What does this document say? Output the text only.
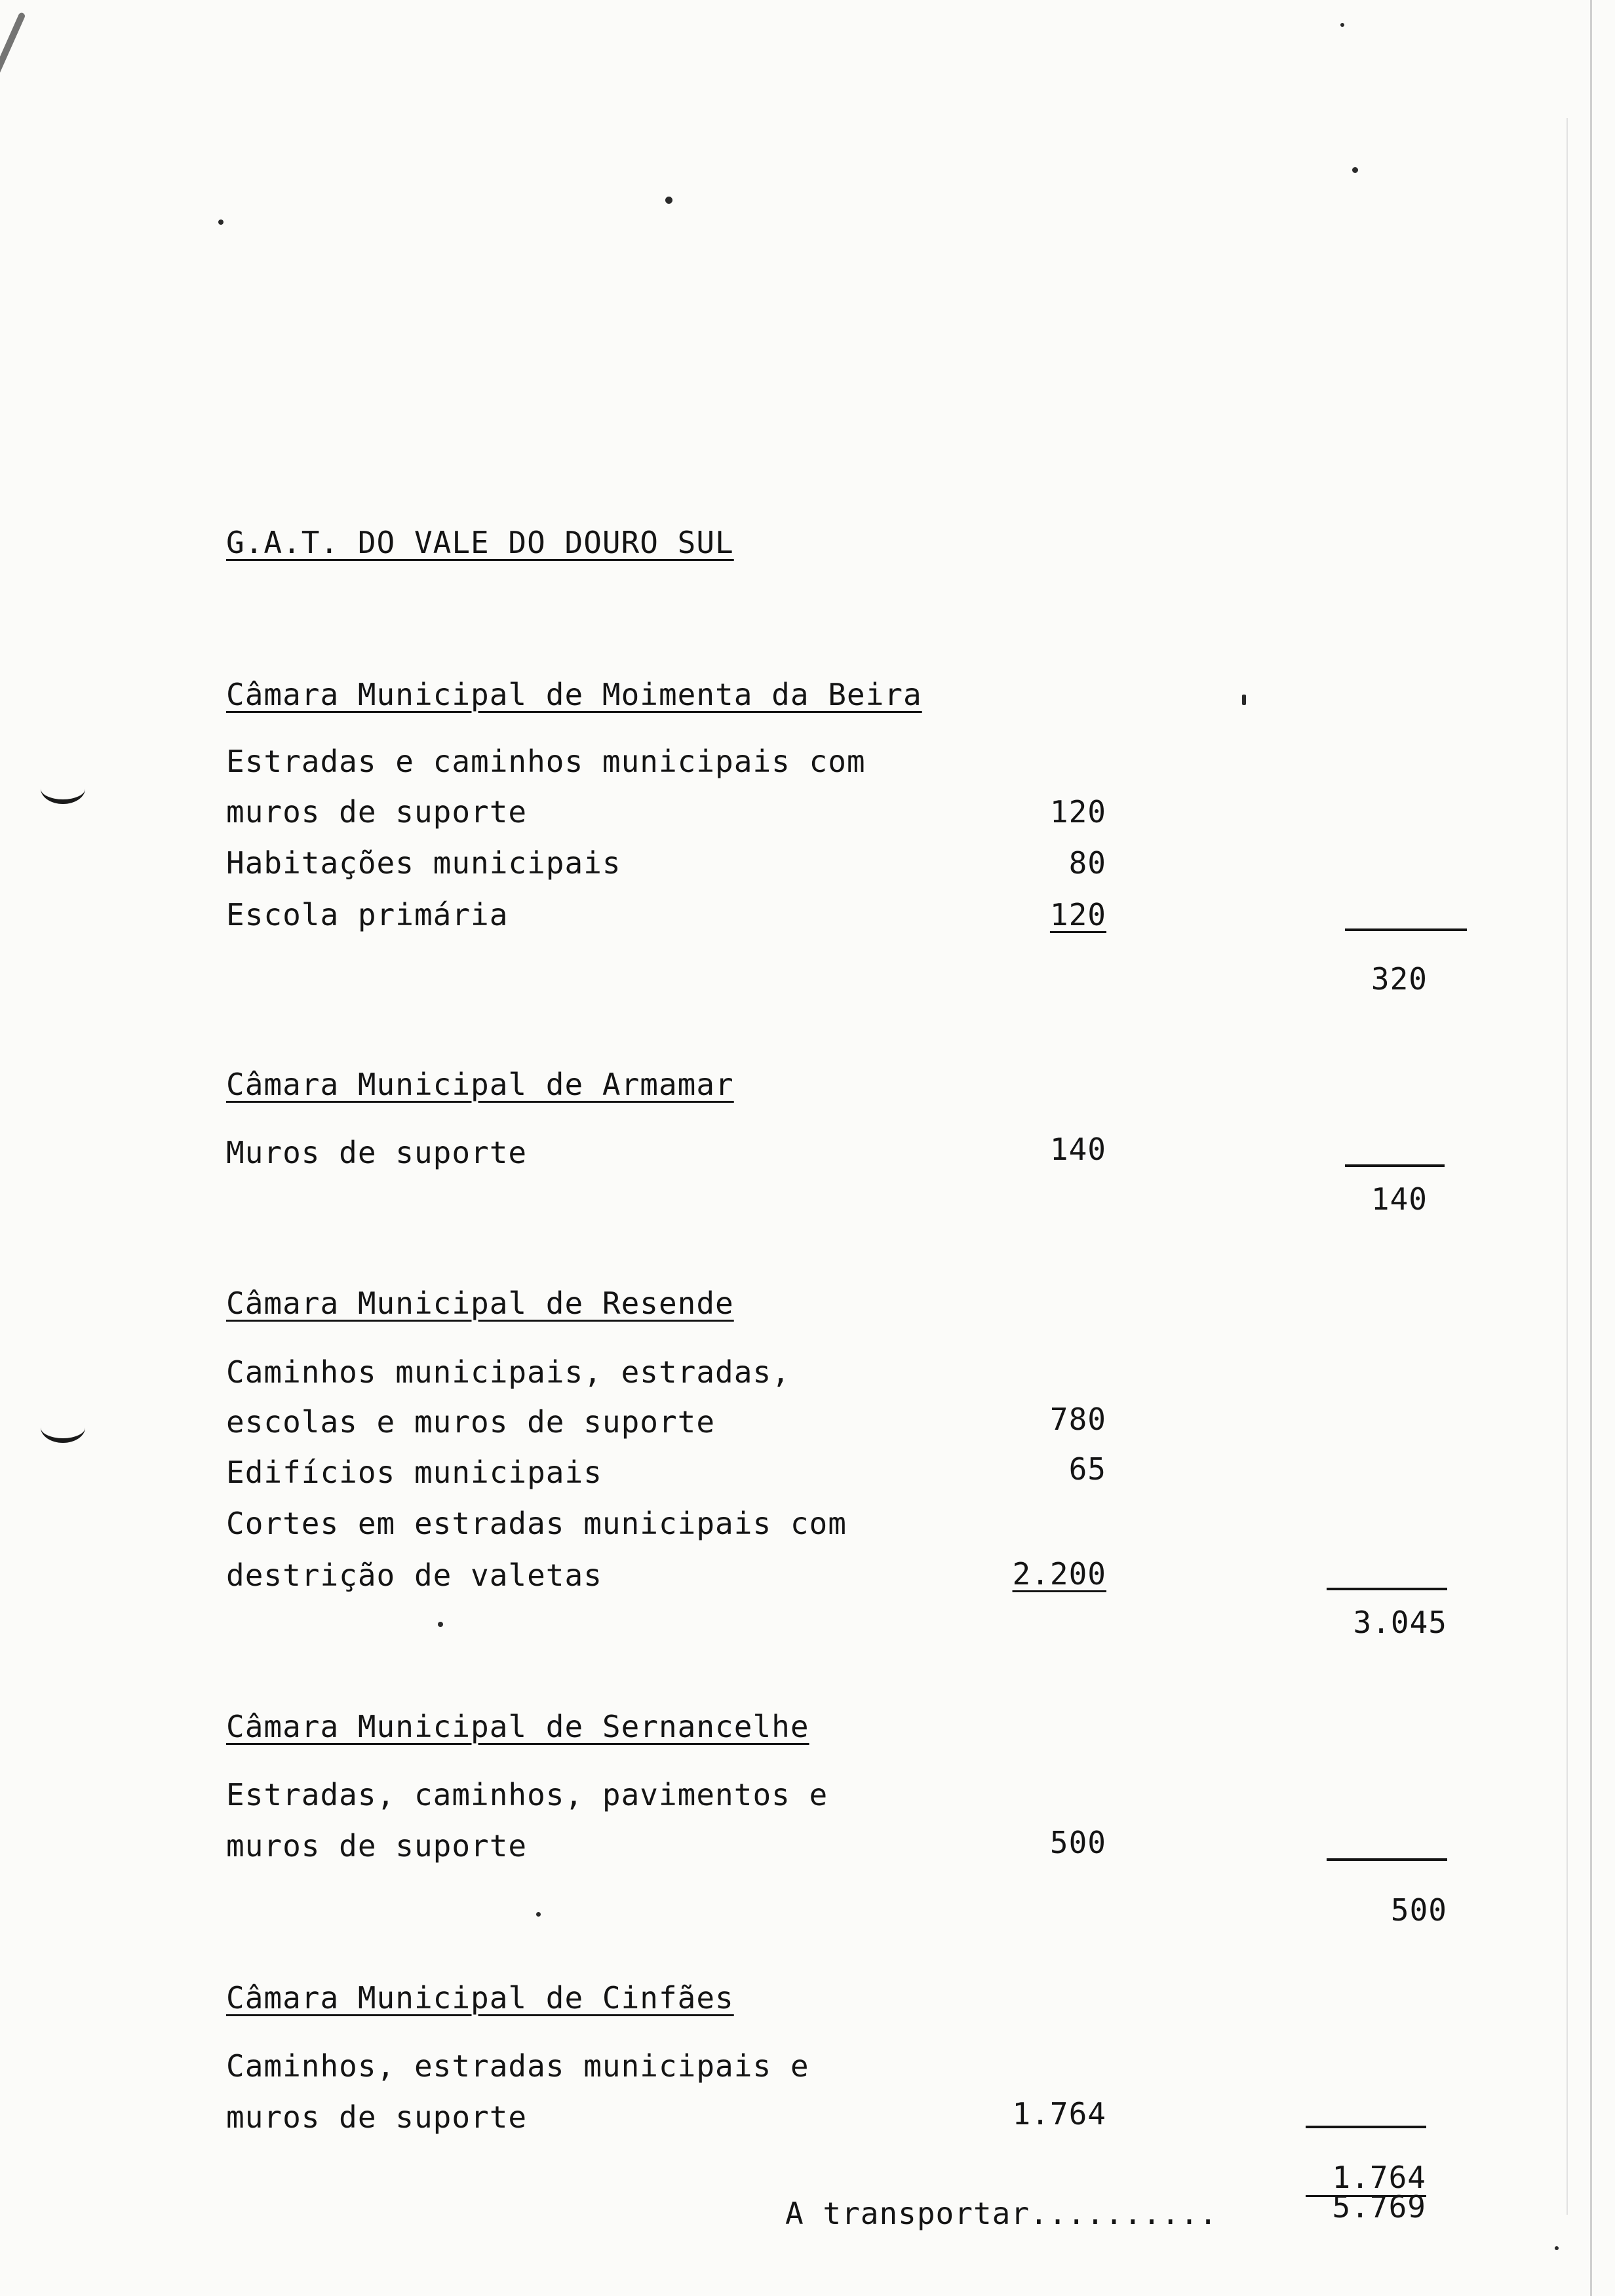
G.A.T. DO VALE DO DOURO SUL
Câmara Municipal de Moimenta da Beira
Estradas e caminhos municipais com
muros de suporte	120
Habitações municipais	80
Escola primária	120
320
Câmara Municipal de Armamar
Muros de suporte	140
140
Câmara Municipal de Resende
Caminhos municipais, estradas,
escolas e muros de suporte	780
Edifícios municipais	65
Cortes em estradas municipais com
destrição de valetas	2.200
3.045
Câmara Municipal de Sernancelhe
Estradas, caminhos, pavimentos e
muros de suporte	500
500
Câmara Municipal de Cinfães
Caminhos, estradas municipais e
muros de suporte	1.764
1.764
A transportar..........	5.769
